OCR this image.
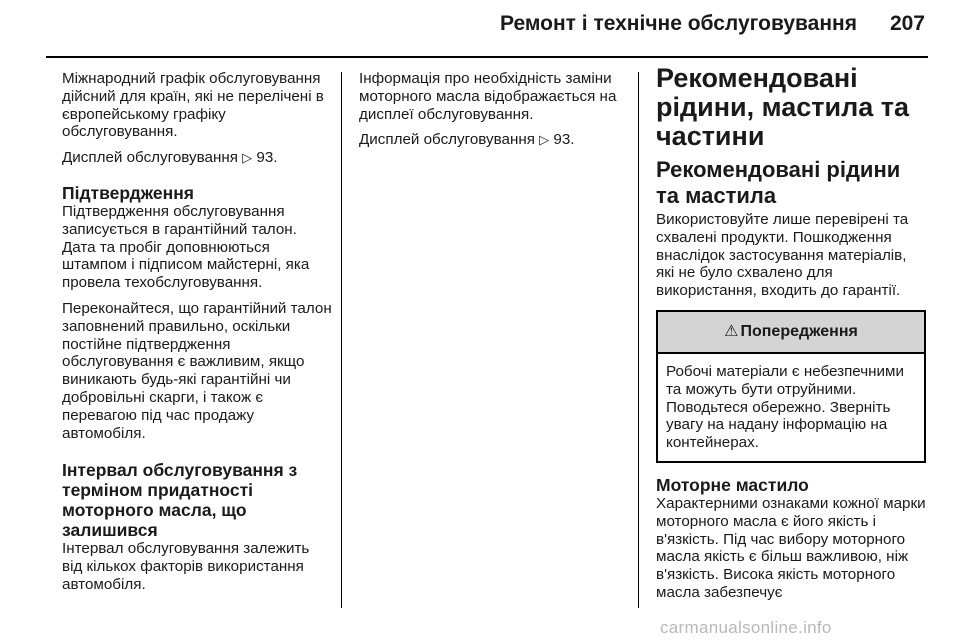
Ремонт і технічне обслуговування	207

Міжнародний графік обслуговування дійсний для країн, які не перелічені в європейському графіку обслуговування.

Дисплей обслуговування ▷ 93.

Підтвердження

Підтвердження обслуговування записується в гарантійний талон. Дата та пробіг доповнюються штампом і підписом майстерні, яка провела техобслуговування.

Переконайтеся, що гарантійний талон заповнений правильно, оскільки постійне підтвердження обслуговування є важливим, якщо виникають будь-які гарантійні чи добровільні скарги, і також є перевагою під час продажу автомобіля.

Інтервал обслуговування з терміном придатності моторного масла, що залишився

Інтервал обслуговування залежить від кількох факторів використання автомобіля.

Інформація про необхідність заміни моторного масла відображається на дисплеї обслуговування.

Дисплей обслуговування ▷ 93.

Рекомендовані рідини, мастила та частини
Рекомендовані рідини та мастила

Використовуйте лише перевірені та схвалені продукти. Пошкодження внаслідок застосування матеріалів, які не було схвалено для використання, входить до гарантії.

⚠ Попередження
Робочі матеріали є небезпечними та можуть бути отруйними. Поводьтеся обережно. Зверніть увагу на надану інформацію на контейнерах.
Моторне мастило

Характерними ознаками кожної марки моторного масла є його якість і в'язкість. Під час вибору моторного масла якість є більш важливою, ніж в'язкість. Висока якість моторного масла забезпечує

carmanualsonline.info
